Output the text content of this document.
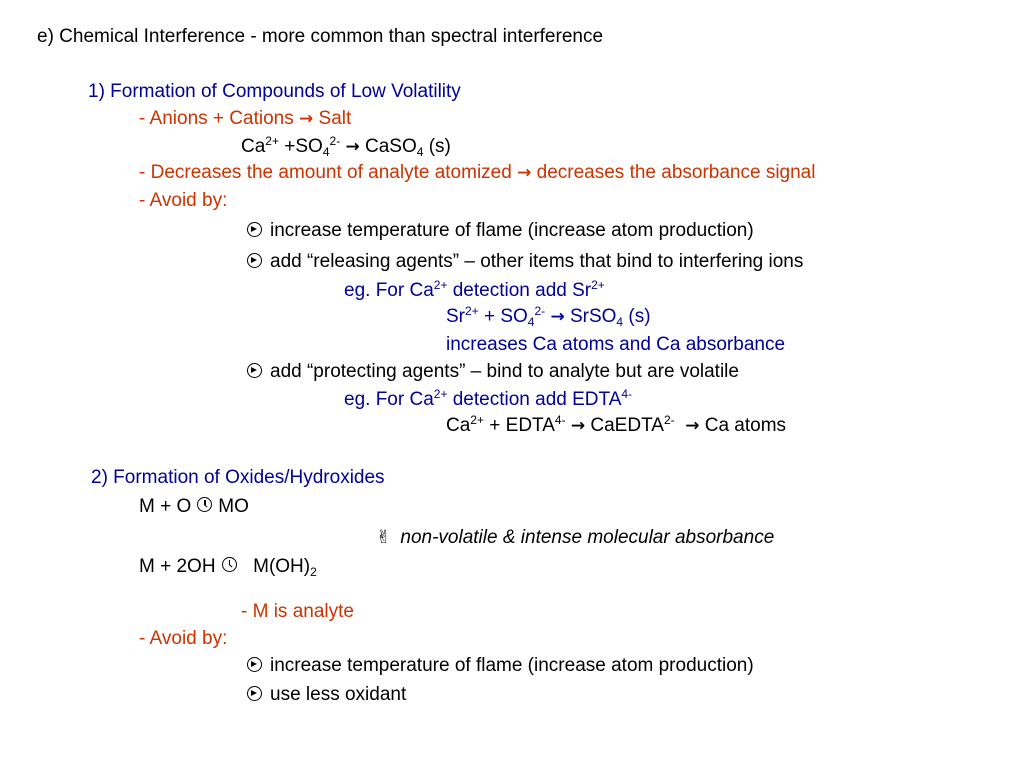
e) Chemical Interference - more common than spectral interference
1) Formation of Compounds of Low Volatility
- Anions + Cations → Salt
$Ca^{2+} +SO_4^{2-}$ → CaSO$_4$ (s)
- Decreases the amount of analyte atomized → decreases the absorbance signal
- Avoid by:
increase temperature of flame (increase atom production)
add “releasing agents” – other items that bind to interfering ions
eg. For $Ca^{2+}$ detection add $Sr^{2+}$
$Sr^{2+} + SO_4^{2-}$ → SrSO$_4$ (s)
increases Ca atoms and Ca absorbance
add “protecting agents” – bind to analyte but are volatile
eg. For $Ca^{2+}$ detection add $EDTA^{4-}$
$Ca^{2+}$ + $EDTA^{4-}$ → CaEDTA$^{2-}$ → Ca atoms
2) Formation of Oxides/Hydroxides
M + O MO
✌ non-volatile & intense molecular absorbance
M + 2OH $M(OH)_2$
- M is analyte
- Avoid by:
increase temperature of flame (increase atom production)
use less oxidant
